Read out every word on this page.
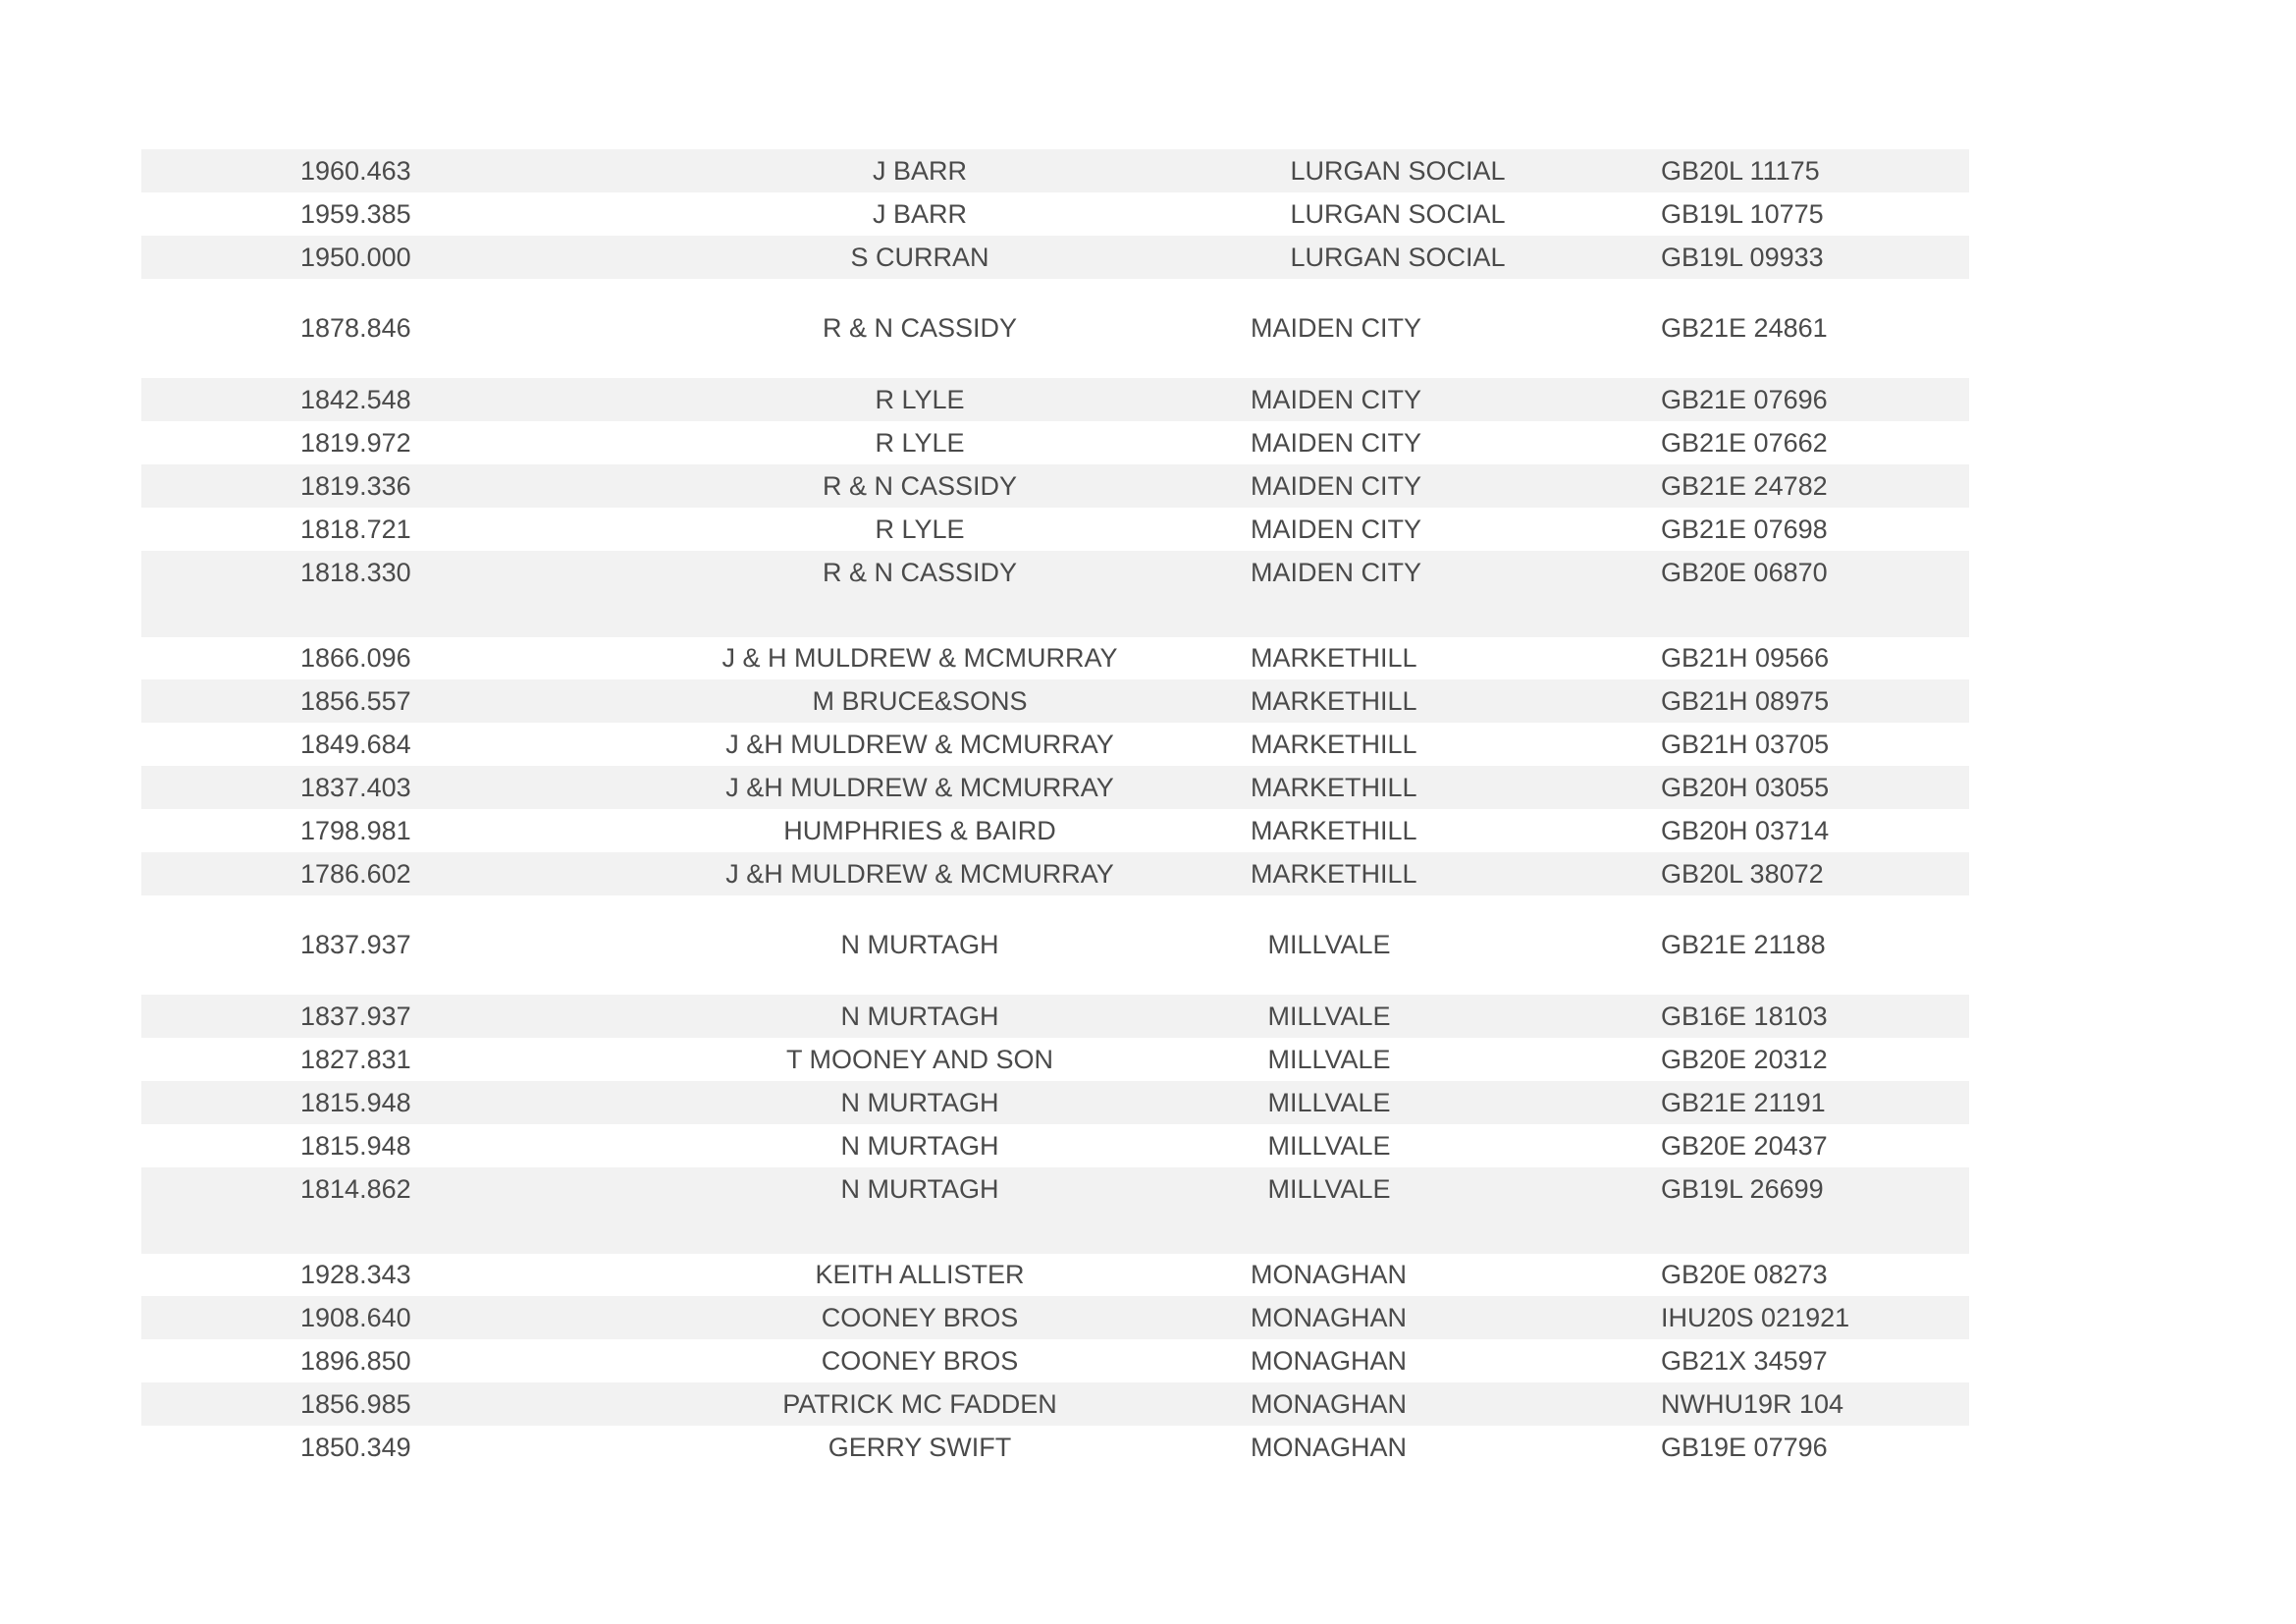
1960.463	J BARR	LURGAN SOCIAL	GB20L 11175
1959.385	J BARR	LURGAN SOCIAL	GB19L 10775
1950.000	S CURRAN	LURGAN SOCIAL	GB19L 09933
1878.846	R & N CASSIDY	MAIDEN CITY	GB21E 24861
1842.548	R LYLE	MAIDEN CITY	GB21E 07696
1819.972	R LYLE	MAIDEN CITY	GB21E 07662
1819.336	R & N CASSIDY	MAIDEN CITY	GB21E 24782
1818.721	R LYLE	MAIDEN CITY	GB21E 07698
1818.330	R & N CASSIDY	MAIDEN CITY	GB20E 06870
1866.096	J & H MULDREW & MCMURRAY	MARKETHILL	GB21H 09566
1856.557	M BRUCE&SONS	MARKETHILL	GB21H 08975
1849.684	J &H MULDREW & MCMURRAY	MARKETHILL	GB21H 03705
1837.403	J &H MULDREW & MCMURRAY	MARKETHILL	GB20H 03055
1798.981	HUMPHRIES & BAIRD	MARKETHILL	GB20H 03714
1786.602	J &H MULDREW & MCMURRAY	MARKETHILL	GB20L 38072
1837.937	N MURTAGH	MILLVALE	GB21E 21188
1837.937	N MURTAGH	MILLVALE	GB16E 18103
1827.831	T MOONEY AND SON	MILLVALE	GB20E 20312
1815.948	N MURTAGH	MILLVALE	GB21E 21191
1815.948	N MURTAGH	MILLVALE	GB20E 20437
1814.862	N MURTAGH	MILLVALE	GB19L 26699
1928.343	KEITH ALLISTER	MONAGHAN	GB20E 08273
1908.640	COONEY BROS	MONAGHAN	IHU20S 021921
1896.850	COONEY BROS	MONAGHAN	GB21X 34597
1856.985	PATRICK MC FADDEN	MONAGHAN	NWHU19R 104
1850.349	GERRY SWIFT	MONAGHAN	GB19E 07796
